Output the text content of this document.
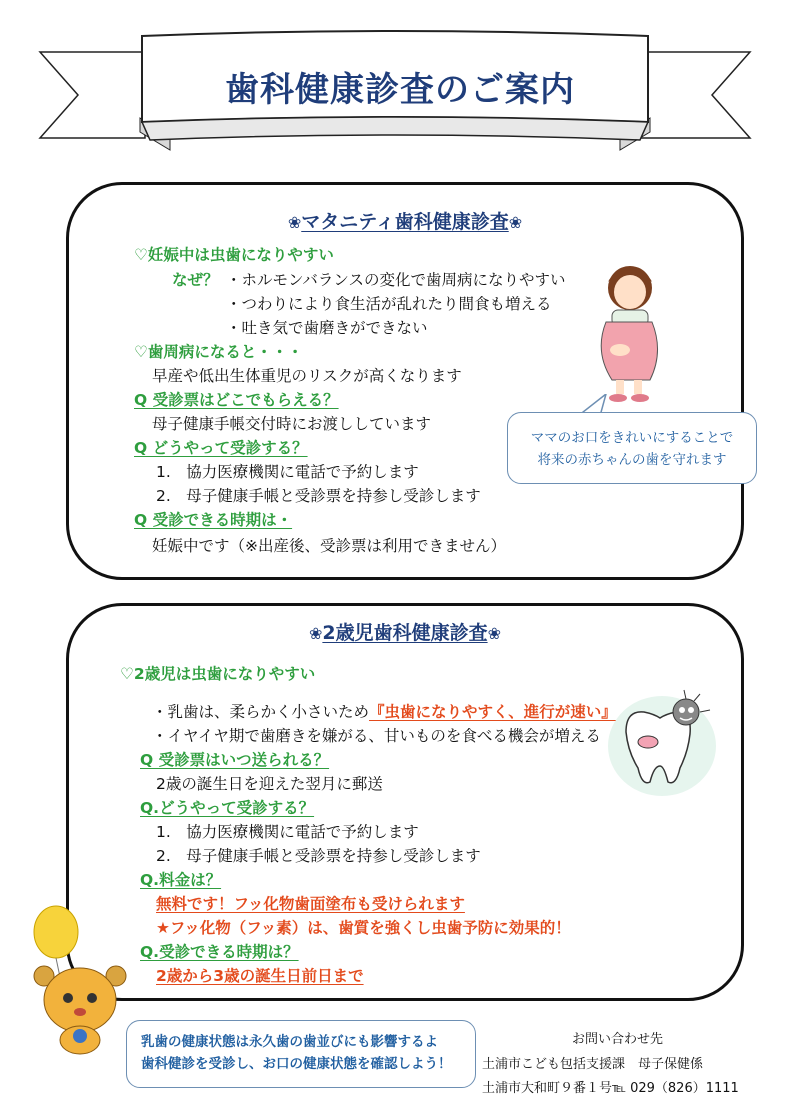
歯科健康診査のご案内
❀マタニティ歯科健康診査❀
♡妊娠中は虫歯になりやすい
なぜ？ ・ホルモンバランスの変化で歯周病になりやすい
・つわりにより食生活が乱れたり間食も増える
・吐き気で歯磨きができない
♡歯周病になると・・・
早産や低出生体重児のリスクが高くなります
Q 受診票はどこでもらえる？
母子健康手帳交付時にお渡ししています
Q どうやって受診する？
1.　協力医療機関に電話で予約します
2.　母子健康手帳と受診票を持参し受診します
Q 受診できる時期は・
妊娠中です（※出産後、受診票は利用できません）
ママのお口をきれいにすることで
将来の赤ちゃんの歯を守れます
❀2歳児歯科健康診査❀
♡2歳児は虫歯になりやすい
・乳歯は、柔らかく小さいため『虫歯になりやすく、進行が速い』
・イヤイヤ期で歯磨きを嫌がる、甘いものを食べる機会が増える
Q 受診票はいつ送られる？
2歳の誕生日を迎えた翌月に郵送
Q.どうやって受診する？
1.　協力医療機関に電話で予約します
2.　母子健康手帳と受診票を持参し受診します
Q.料金は？
無料です！フッ化物歯面塗布も受けられます
★フッ化物（フッ素）は、歯質を強くし虫歯予防に効果的！
Q.受診できる時期は？
2歳から3歳の誕生日前日まで
乳歯の健康状態は永久歯の歯並びにも影響するよ
歯科健診を受診し、お口の健康状態を確認しよう！
お問い合わせ先
土浦市こども包括支援課　母子保健係
土浦市大和町９番１号℡ 029（826）1111
